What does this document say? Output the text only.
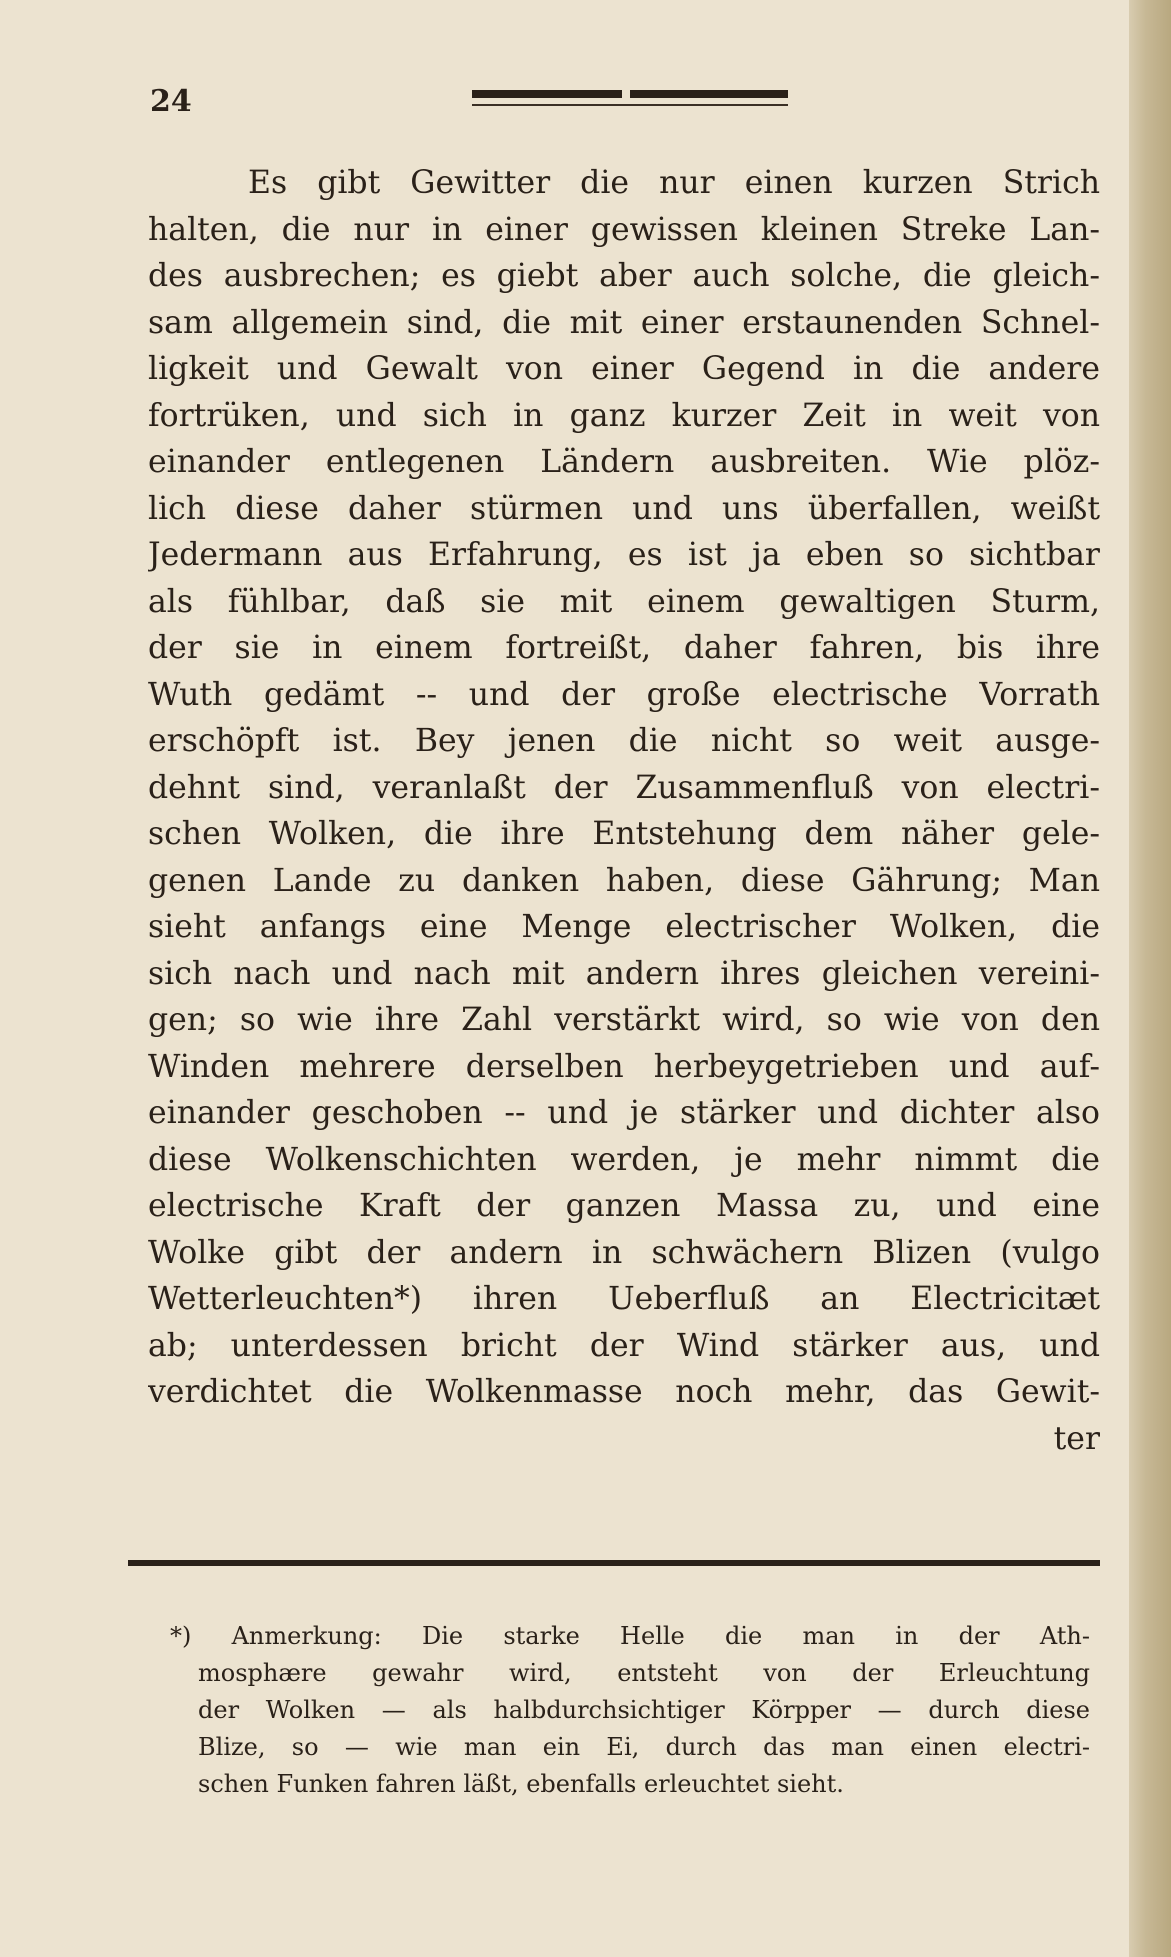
24
Es gibt Gewitter die nur einen kurzen Strich
halten, die nur in einer gewissen kleinen Streke Lan-
des ausbrechen; es giebt aber auch solche, die gleich-
sam allgemein sind, die mit einer erstaunenden Schnel-
ligkeit und Gewalt von einer Gegend in die andere
fortrüken, und sich in ganz kurzer Zeit in weit von
einander entlegenen Ländern ausbreiten. Wie plöz-
lich diese daher stürmen und uns überfallen, weißt
Jedermann aus Erfahrung, es ist ja eben so sichtbar
als fühlbar, daß sie mit einem gewaltigen Sturm,
der sie in einem fortreißt, daher fahren, bis ihre
Wuth gedämt -- und der große electrische Vorrath
erschöpft ist. Bey jenen die nicht so weit ausge-
dehnt sind, veranlaßt der Zusammenfluß von electri-
schen Wolken, die ihre Entstehung dem näher gele-
genen Lande zu danken haben, diese Gährung; Man
sieht anfangs eine Menge electrischer Wolken, die
sich nach und nach mit andern ihres gleichen vereini-
gen; so wie ihre Zahl verstärkt wird, so wie von den
Winden mehrere derselben herbeygetrieben und auf-
einander geschoben -- und je stärker und dichter also
diese Wolkenschichten werden, je mehr nimmt die
electrische Kraft der ganzen Massa zu, und eine
Wolke gibt der andern in schwächern Blizen (vulgo
Wetterleuchten*) ihren Ueberfluß an Electricitæt
ab; unterdessen bricht der Wind stärker aus, und
verdichtet die Wolkenmasse noch mehr, das Gewit-
ter
*) Anmerkung: Die starke Helle die man in der Ath-
mosphære gewahr wird, entsteht von der Erleuchtung
der Wolken — als halbdurchsichtiger Körpper — durch diese
Blize, so — wie man ein Ei, durch das man einen electri-
schen Funken fahren läßt, ebenfalls erleuchtet sieht.
